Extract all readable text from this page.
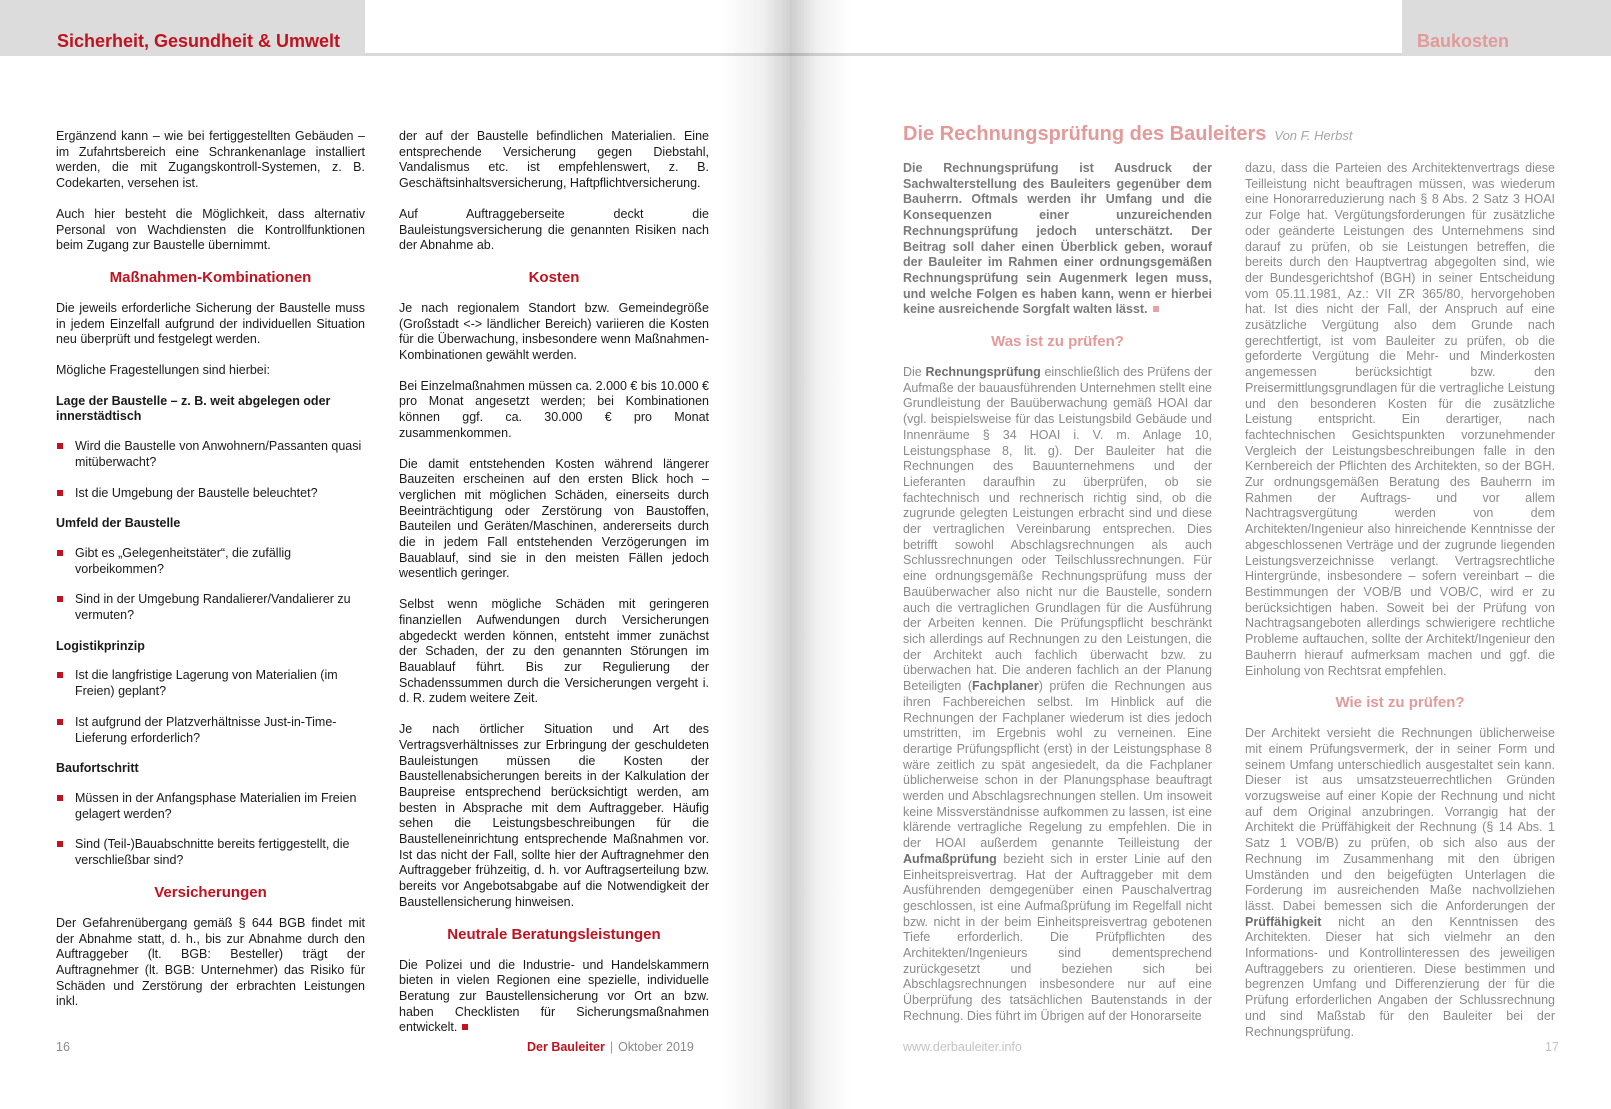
Sicherheit, Gesundheit & Umwelt

Ergänzend kann – wie bei fertiggestellten Gebäuden – im Zufahrtsbereich eine Schrankenanlage installiert werden, die mit Zugangskontroll-Systemen, z. B. Codekarten, versehen ist.

Auch hier besteht die Möglichkeit, dass alternativ Personal von Wachdiensten die Kontrollfunktionen beim Zugang zur Baustelle übernimmt.

Maßnahmen-Kombinationen

Die jeweils erforderliche Sicherung der Baustelle muss in jedem Einzelfall aufgrund der individuellen Situation neu überprüft und festgelegt werden.

Mögliche Fragestellungen sind hierbei:

Lage der Baustelle – z. B. weit abgelegen oder innerstädtisch
Wird die Baustelle von Anwohnern/Passanten quasi mitüberwacht?
Ist die Umgebung der Baustelle beleuchtet?
Umfeld der Baustelle
Gibt es „Gelegenheitstäter“, die zufällig vorbeikommen?
Sind in der Umgebung Randalierer/Vandalierer zu vermuten?
Logistikprinzip
Ist die langfristige Lagerung von Materialien (im Freien) geplant?
Ist aufgrund der Platzverhältnisse Just-in-Time-Lieferung erforderlich?
Baufortschritt
Müssen in der Anfangsphase Materialien im Freien gelagert werden?
Sind (Teil-)Bauabschnitte bereits fertiggestellt, die verschließbar sind?
Versicherungen

Der Gefahrenübergang gemäß § 644 BGB findet mit der Abnahme statt, d. h., bis zur Abnahme durch den Auftraggeber (lt. BGB: Besteller) trägt der Auftragnehmer (lt. BGB: Unternehmer) das Risiko für Schäden und Zerstörung der erbrachten Leistungen inkl.

der auf der Baustelle befindlichen Materialien. Eine entsprechende Versicherung gegen Diebstahl, Vandalismus etc. ist empfehlenswert, z. B. Geschäftsinhaltsversicherung, Haftpflichtversicherung.

Auf Auftraggeberseite deckt die Bauleistungsversicherung die genannten Risiken nach der Abnahme ab.

Kosten

Je nach regionalem Standort bzw. Gemeindegröße (Großstadt <-> ländlicher Bereich) variieren die Kosten für die Überwachung, insbesondere wenn Maßnahmen-Kombinationen gewählt werden.

Bei Einzelmaßnahmen müssen ca. 2.000 € bis 10.000 € pro Monat angesetzt werden; bei Kombinationen können ggf. ca. 30.000 € pro Monat zusammenkommen.

Die damit entstehenden Kosten während längerer Bauzeiten erscheinen auf den ersten Blick hoch – verglichen mit möglichen Schäden, einerseits durch Beeinträchtigung oder Zerstörung von Baustoffen, Bauteilen und Geräten/Maschinen, andererseits durch die in jedem Fall entstehenden Verzögerungen im Bauablauf, sind sie in den meisten Fällen jedoch wesentlich geringer.

Selbst wenn mögliche Schäden mit geringeren finanziellen Aufwendungen durch Versicherungen abgedeckt werden können, entsteht immer zunächst der Schaden, der zu den genannten Störungen im Bauablauf führt. Bis zur Regulierung der Schadenssummen durch die Versicherungen vergeht i. d. R. zudem weitere Zeit.

Je nach örtlicher Situation und Art des Vertragsverhältnisses zur Erbringung der geschuldeten Bauleistungen müssen die Kosten der Baustellenabsicherungen bereits in der Kalkulation der Baupreise entsprechend berücksichtigt werden, am besten in Absprache mit dem Auftraggeber. Häufig sehen die Leistungsbeschreibungen für die Baustelleneinrichtung entsprechende Maßnahmen vor. Ist das nicht der Fall, sollte hier der Auftragnehmer den Auftraggeber frühzeitig, d. h. vor Auftragserteilung bzw. bereits vor Angebotsabgabe auf die Notwendigkeit der Baustellensicherung hinweisen.

Neutrale Beratungsleistungen

Die Polizei und die Industrie- und Handelskammern bieten in vielen Regionen eine spezielle, individuelle Beratung zur Baustellensicherung vor Ort an bzw. haben Checklisten für Sicherungsmaßnahmen entwickelt.

16	Der Bauleiter | Oktober 2019
Baukosten
Die Rechnungsprüfung des Bauleiters Von F. Herbst

Die Rechnungsprüfung ist Ausdruck der Sachwalterstellung des Bauleiters gegenüber dem Bauherrn. Oftmals werden ihr Umfang und die Konsequenzen einer unzureichenden Rechnungsprüfung jedoch unterschätzt. Der Beitrag soll daher einen Überblick geben, worauf der Bauleiter im Rahmen einer ordnungsgemäßen Rechnungsprüfung sein Augenmerk legen muss, und welche Folgen es haben kann, wenn er hierbei keine ausreichende Sorgfalt walten lässt.

Was ist zu prüfen?

Die Rechnungsprüfung einschließlich des Prüfens der Aufmaße der bauausführenden Unternehmen stellt eine Grundleistung der Bauüberwachung gemäß HOAI dar (vgl. beispielsweise für das Leistungsbild Gebäude und Innenräume § 34 HOAI i. V. m. Anlage 10, Leistungsphase 8, lit. g). Der Bauleiter hat die Rechnungen des Bauunternehmens und der Lieferanten daraufhin zu überprüfen, ob sie fachtechnisch und rechnerisch richtig sind, ob die zugrunde gelegten Leistungen erbracht sind und diese der vertraglichen Vereinbarung entsprechen. Dies betrifft sowohl Abschlagsrechnungen als auch Schlussrechnungen oder Teilschlussrechnungen. Für eine ordnungsgemäße Rechnungsprüfung muss der Bauüberwacher also nicht nur die Baustelle, sondern auch die vertraglichen Grundlagen für die Ausführung der Arbeiten kennen. Die Prüfungspflicht beschränkt sich allerdings auf Rechnungen zu den Leistungen, die der Architekt auch fachlich überwacht bzw. zu überwachen hat. Die anderen fachlich an der Planung Beteiligten (Fachplaner) prüfen die Rechnungen aus ihren Fachbereichen selbst. Im Hinblick auf die Rechnungen der Fachplaner wiederum ist dies jedoch umstritten, im Ergebnis wohl zu verneinen. Eine derartige Prüfungspflicht (erst) in der Leistungsphase 8 wäre zeitlich zu spät angesiedelt, da die Fachplaner üblicherweise schon in der Planungsphase beauftragt werden und Abschlagsrechnungen stellen. Um insoweit keine Missverständnisse aufkommen zu lassen, ist eine klärende vertragliche Regelung zu empfehlen. Die in der HOAI außerdem genannte Teilleistung der Aufmaßprüfung bezieht sich in erster Linie auf den Einheitspreisvertrag. Hat der Auftraggeber mit dem Ausführenden demgegenüber einen Pauschalvertrag geschlossen, ist eine Aufmaßprüfung im Regelfall nicht bzw. nicht in der beim Einheitspreisvertrag gebotenen Tiefe erforderlich. Die Prüfpflichten des Architekten/Ingenieurs sind dementsprechend zurückgesetzt und beziehen sich bei Abschlagsrechnungen insbesondere nur auf eine Überprüfung des tatsächlichen Bautenstands in der Rechnung. Dies führt im Übrigen auf der Honorarseite

dazu, dass die Parteien des Architektenvertrags diese Teilleistung nicht beauftragen müssen, was wiederum eine Honorarreduzierung nach § 8 Abs. 2 Satz 3 HOAI zur Folge hat. Vergütungsforderungen für zusätzliche oder geänderte Leistungen des Unternehmens sind darauf zu prüfen, ob sie Leistungen betreffen, die bereits durch den Hauptvertrag abgegolten sind, wie der Bundesgerichtshof (BGH) in seiner Entscheidung vom 05.11.1981, Az.: VII ZR 365/80, hervorgehoben hat. Ist dies nicht der Fall, der Anspruch auf eine zusätzliche Vergütung also dem Grunde nach gerechtfertigt, ist vom Bauleiter zu prüfen, ob die geforderte Vergütung die Mehr- und Minderkosten angemessen berücksichtigt bzw. den Preisermittlungsgrundlagen für die vertragliche Leistung und den besonderen Kosten für die zusätzliche Leistung entspricht. Ein derartiger, nach fachtechnischen Gesichtspunkten vorzunehmender Vergleich der Leistungsbeschreibungen falle in den Kernbereich der Pflichten des Architekten, so der BGH. Zur ordnungsgemäßen Beratung des Bauherrn im Rahmen der Auftrags- und vor allem Nachtragsvergütung werden von dem Architekten/Ingenieur also hinreichende Kenntnisse der abgeschlossenen Verträge und der zugrunde liegenden Leistungsverzeichnisse verlangt. Vertragsrechtliche Hintergründe, insbesondere – sofern vereinbart – die Bestimmungen der VOB/B und VOB/C, wird er zu berücksichtigen haben. Soweit bei der Prüfung von Nachtragsangeboten allerdings schwierigere rechtliche Probleme auftauchen, sollte der Architekt/Ingenieur den Bauherrn hierauf aufmerksam machen und ggf. die Einholung von Rechtsrat empfehlen.

Wie ist zu prüfen?

Der Architekt versieht die Rechnungen üblicherweise mit einem Prüfungsvermerk, der in seiner Form und seinem Umfang unterschiedlich ausgestaltet sein kann. Dieser ist aus umsatzsteuerrechtlichen Gründen vorzugsweise auf einer Kopie der Rechnung und nicht auf dem Original anzubringen. Vorrangig hat der Architekt die Prüffähigkeit der Rechnung (§ 14 Abs. 1 Satz 1 VOB/B) zu prüfen, ob sich also aus der Rechnung im Zusammenhang mit den übrigen Umständen und den beigefügten Unterlagen die Forderung im ausreichenden Maße nachvollziehen lässt. Dabei bemessen sich die Anforderungen der Prüffähigkeit nicht an den Kenntnissen des Architekten. Dieser hat sich vielmehr an den Informations- und Kontrollinteressen des jeweiligen Auftraggebers zu orientieren. Diese bestimmen und begrenzen Umfang und Differenzierung der für die Prüfung erforderlichen Angaben der Schlussrechnung und sind Maßstab für den Bauleiter bei der Rechnungsprüfung.

www.derbauleiter.info	17
